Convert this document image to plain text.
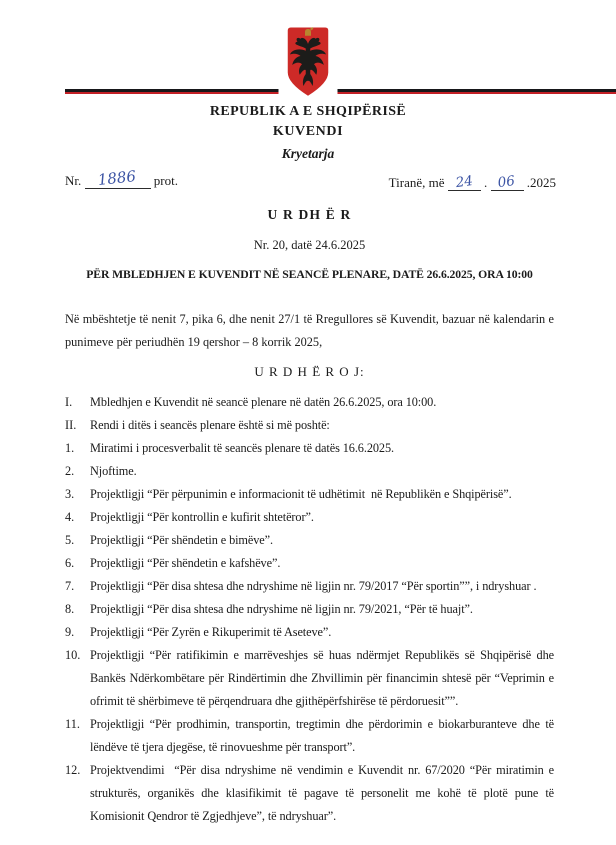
REPUBLIK A E SHQIPËRISË
KUVENDI
Kryetarja
Nr. 1886 prot.	Tiranë, më 24 . 06 .2025
U R DH Ë R
Nr. 20, datë 24.6.2025
PËR MBLEDHJEN E KUVENDIT NË SEANCË PLENARE, DATË 26.6.2025, ORA 10:00
Në mbështetje të nenit 7, pika 6, dhe nenit 27/1 të Rregullores së Kuvendit, bazuar në kalendarin e punimeve për periudhën 19 qershor – 8 korrik 2025,
U R D H Ë R O J:
I.	Mbledhjen e Kuvendit në seancë plenare në datën 26.6.2025, ora 10:00.
II.	Rendi i ditës i seancës plenare është si më poshtë:
1.	Miratimi i procesverbalit të seancës plenare të datës 16.6.2025.
2.	Njoftime.
3.	Projektligji “Për përpunimin e informacionit të udhëtimit  në Republikën e Shqipërisë”.
4.	Projektligji “Për kontrollin e kufirit shtetëror”.
5.	Projektligji “Për shëndetin e bimëve”.
6.	Projektligji “Për shëndetin e kafshëve”.
7.	Projektligji “Për disa shtesa dhe ndryshime në ligjin nr. 79/2017 “Për sportin””, i ndryshuar .
8.	Projektligji “Për disa shtesa dhe ndryshime në ligjin nr. 79/2021, “Për të huajt”.
9.	Projektligji “Për Zyrën e Rikuperimit të Aseteve”.
10. Projektligji “Për ratifikimin e marrëveshjes së huas ndërmjet Republikës së Shqipërisë dhe Bankës Ndërkombëtare për Rindërtimin dhe Zhvillimin për financimin shtesë për “Veprimin e ofrimit të shërbimeve të përqendruara dhe gjithëpërfshirëse të përdoruesit””.
11. Projektligji “Për prodhimin, transportin, tregtimin dhe përdorimin e biokarburanteve dhe të lëndëve të tjera djegëse, të rinovueshme për transport”.
12. Projektvendimi  “Për disa ndryshime në vendimin e Kuvendit nr. 67/2020 “Për miratimin e strukturës, organikës dhe klasifikimit të pagave të personelit me kohë të plotë pune të Komisionit Qendror të Zgjedhjeve”, të ndryshuar”.
